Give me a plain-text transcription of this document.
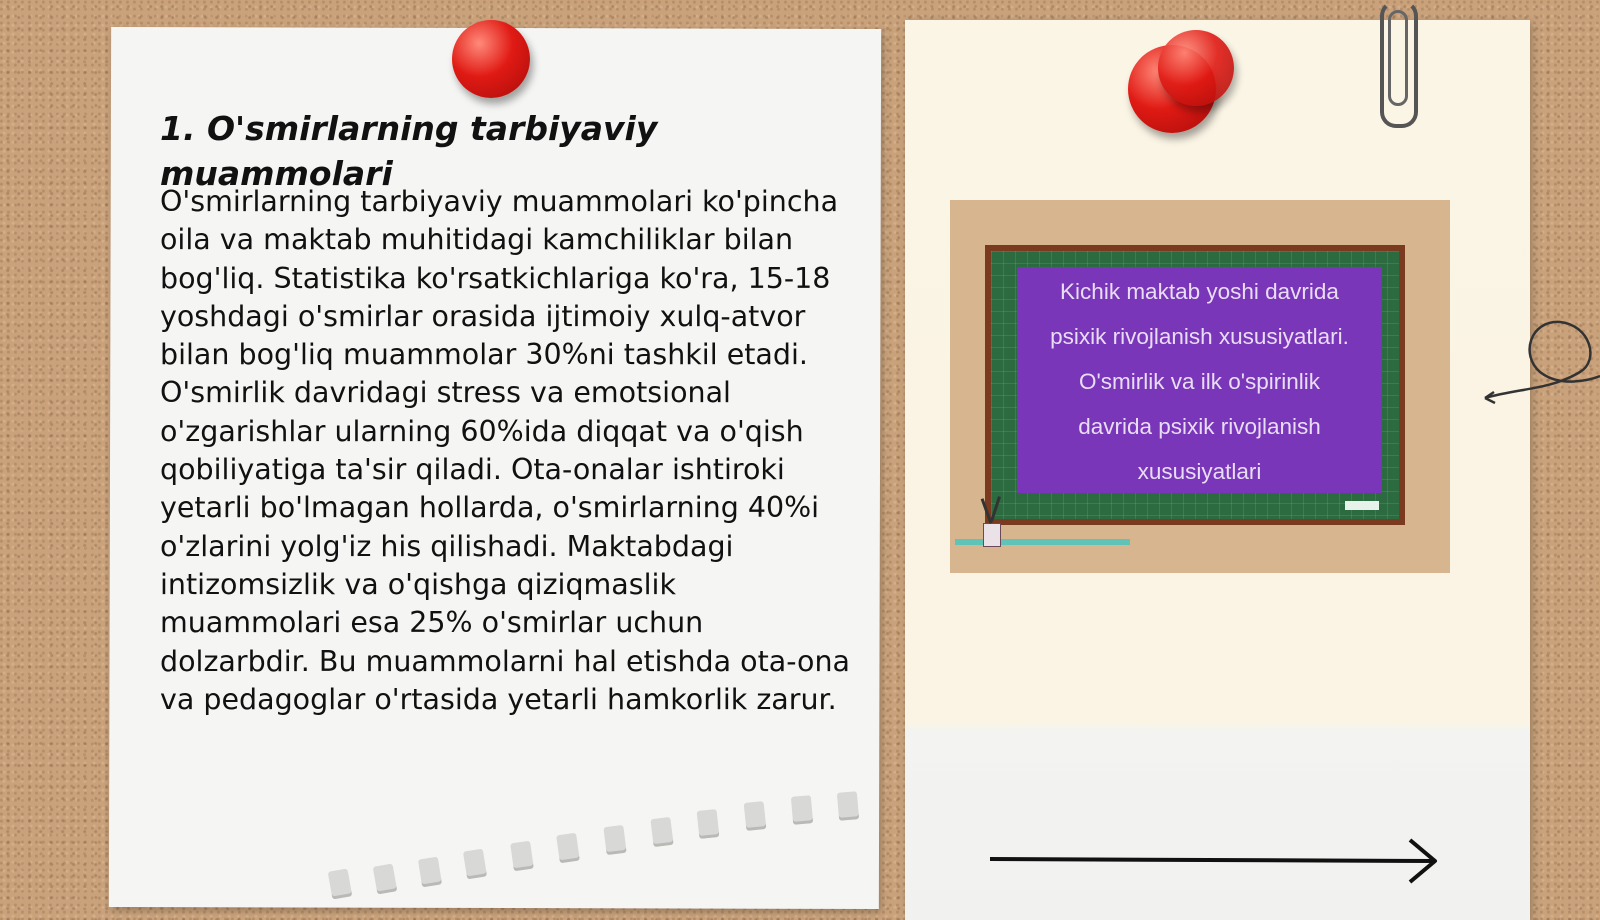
1. O'smirlarning tarbiyaviy muammolari

O'smirlarning tarbiyaviy muammolari ko'pincha oila va maktab muhitidagi kamchiliklar bilan bog'liq. Statistika ko'rsatkichlariga ko'ra, 15-18 yoshdagi o'smirlar orasida ijtimoiy xulq-atvor bilan bog'liq muammolar 30%ni tashkil etadi. O'smirlik davridagi stress va emotsional o'zgarishlar ularning 60%ida diqqat va o'qish qobiliyatiga ta'sir qiladi. Ota-onalar ishtiroki yetarli bo'lmagan hollarda, o'smirlarning 40%i o'zlarini yolg'iz his qilishadi. Maktabdagi intizomsizlik va o'qishga qiziqmaslik muammolari esa 25% o'smirlar uchun dolzarbdir. Bu muammolarni hal etishda ota-ona va pedagoglar o'rtasida yetarli hamkorlik zarur.

Kichik maktab yoshi davrida
psixik rivojlanish xususiyatlari.
O'smirlik va ilk o'spirinlik
davrida psixik rivojlanish
xususiyatlari
